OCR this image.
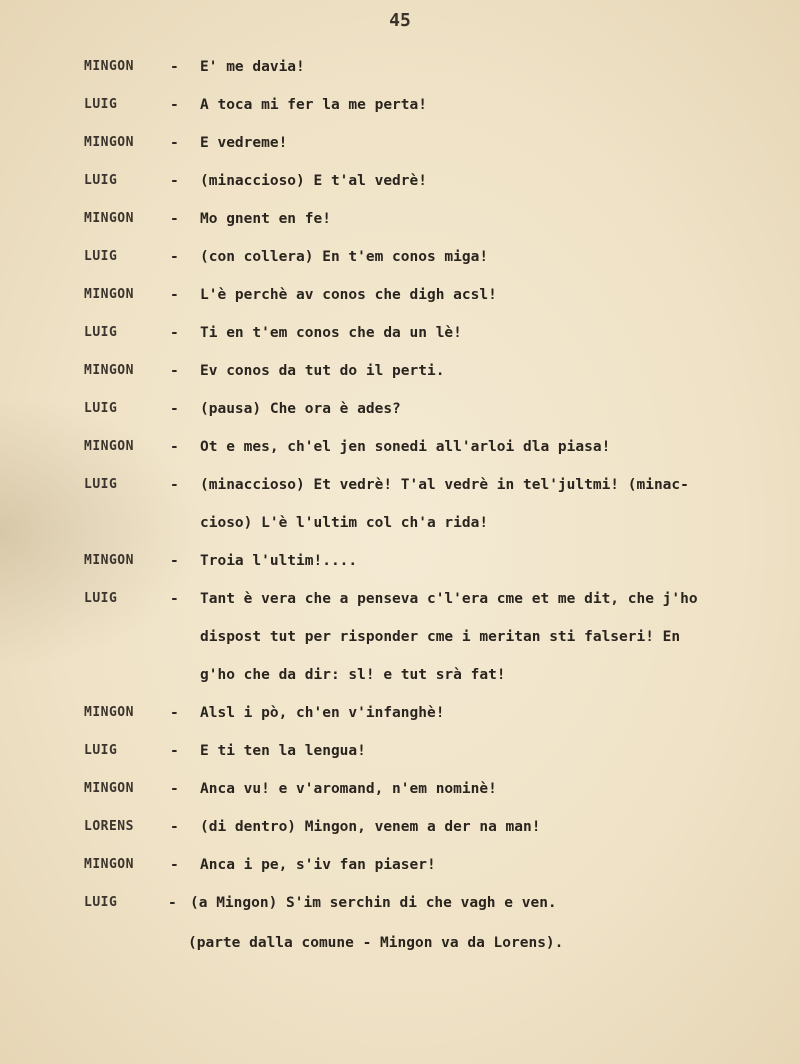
45
MINGON	- E' me davia!
LUIG	- A toca mi fer la me perta!
MINGON	- E vedreme!
LUIG	- (minaccioso) E t'al vedrè!
MINGON	- Mo gnent en fe!
LUIG	- (con collera) En t'em conos miga!
MINGON	- L'è perchè av conos che digh acsl!
LUIG	- Ti en t'em conos che da un lè!
MINGON	- Ev conos da tut do il perti.
LUIG	- (pausa) Che ora è ades?
MINGON	- Ot e mes, ch'el jen sonedi all'arloi dla piasa!
LUIG	- (minaccioso) Et vedrè! T'al vedrè in tel'jultmi! (minac-
cioso) L'è l'ultim col ch'a rida!
MINGON	- Troia l'ultim!....
LUIG	- Tant è vera che a penseva c'l'era cme et me dit, che j'ho
dispost tut per risponder cme i meritan sti falseri! En
g'ho che da dir: sl! e tut srà fat!
MINGON	- Alsl i pò, ch'en v'infanghè!
LUIG	- E ti ten la lengua!
MINGON	- Anca vu! e v'aromand, n'em nominè!
LORENS	- (di dentro) Mingon, venem a der na man!
MINGON	- Anca i pe, s'iv fan piaser!
LUIG	- (a Mingon) S'im serchin di che vagh e ven.
(parte dalla comune - Mingon va da Lorens).
